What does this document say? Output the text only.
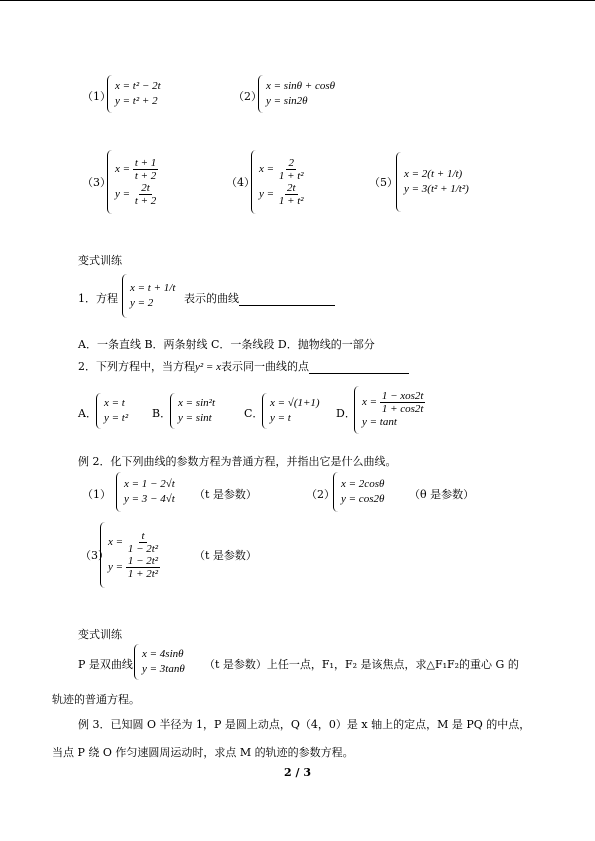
（1）
x = t² − 2t
y = t² + 2	（2）
x = sinθ + cosθ
y = sin2θ
（3）
$x = \frac{t + 1}{t + 2}$
$y = \frac{2t}{t + 2}$	（4）
$x = \frac{2}{\text{1 + t²}}$
$y = \frac{2t}{\text{1 + t²}}$	（5）
x = 2(t + 1/t)
y = 3(t² + 1/t²)
变式训练
1．方程
x = t + 1/t
y = 2	表示的曲线
A．一条直线 B．两条射线 C．一条线段 D．抛物线的一部分
2．下列方程中，当方程y² = x表示同一曲线的点
A．
x = t
y = t² B．
x = sin²t
y = sint	C．
x = √(1+1)
y = t	D．
$x = \frac{\text{1 − xos2t}}{1 + \cos 2t}$
y = tant
例 2．化下列曲线的参数方程为普通方程，并指出它是什么曲线。
（1）
x = 1 − 2√t
y = 3 − 4√t （t 是参数）	（2）
x = 2cosθ
y = cos2θ （θ 是参数）
（3）
$x = \frac{t}{\text{1 − 2t²}}$
$y = \frac{\text{1 − 2t²}}{\text{1 + 2t²}}$	（t 是参数）
变式训练
P 是双曲线
x = 4sinθ
y = 3tanθ （t 是参数）上任一点，F₁，F₂ 是该焦点，求△F₁F₂的重心 G 的
轨迹的普通方程。
例 3．已知圆 O 半径为 1，P 是圆上动点，Q（4，0）是 x 轴上的定点，M 是 PQ 的中点，
当点 P 绕 O 作匀速圆周运动时，求点 M 的轨迹的参数方程。
2 / 3
